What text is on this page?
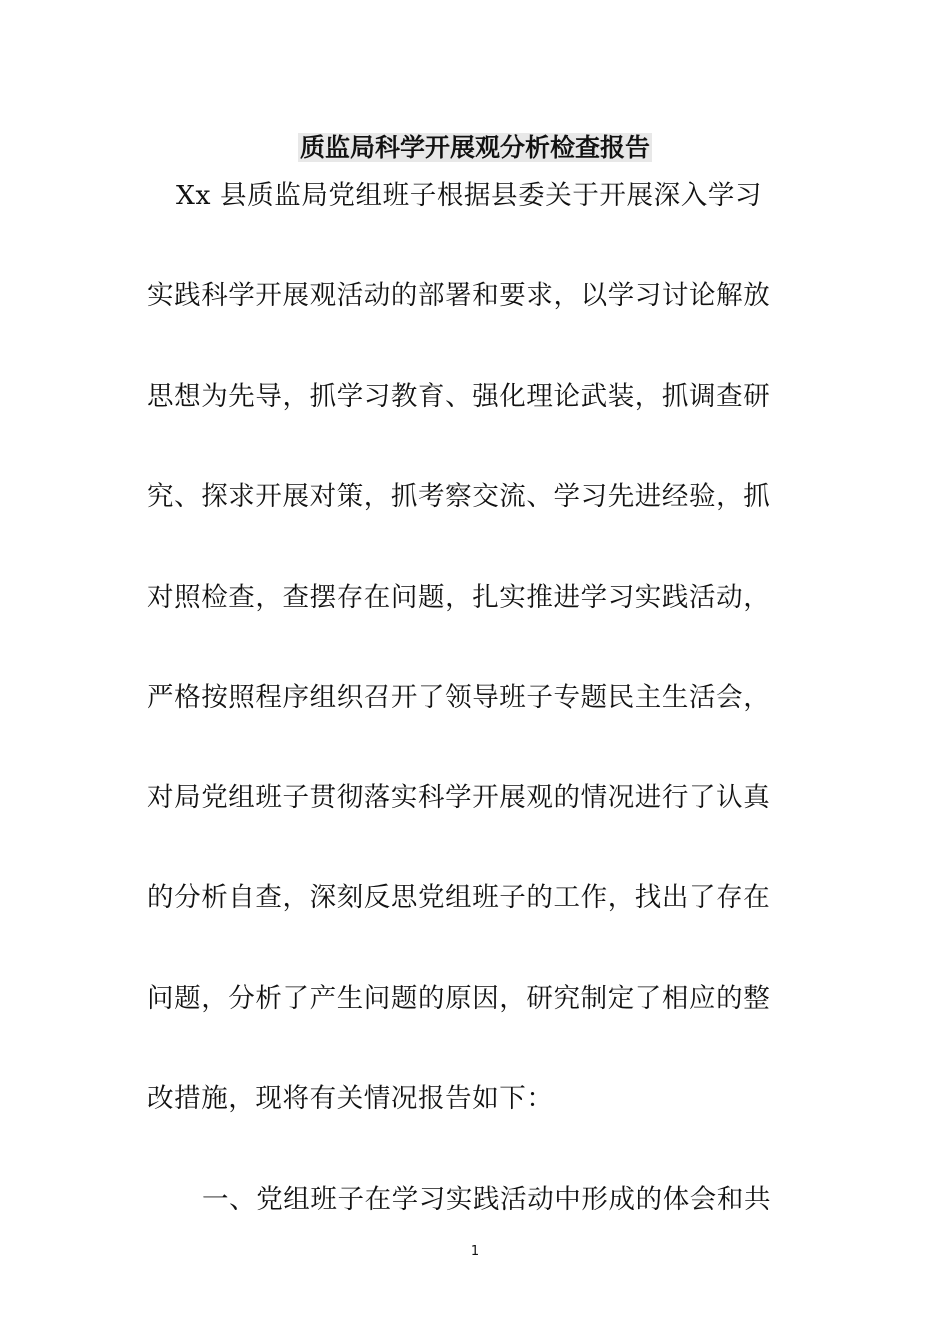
质监局科学开展观分析检查报告
Xx 县质监局党组班子根据县委关于开展深入学习
实践科学开展观活动的部署和要求，以学习讨论解放
思想为先导，抓学习教育、强化理论武装，抓调查研
究、探求开展对策，抓考察交流、学习先进经验，抓
对照检查，查摆存在问题，扎实推进学习实践活动，
严格按照程序组织召开了领导班子专题民主生活会，
对局党组班子贯彻落实科学开展观的情况进行了认真
的分析自查，深刻反思党组班子的工作，找出了存在
问题，分析了产生问题的原因，研究制定了相应的整
改措施，现将有关情况报告如下：
一、党组班子在学习实践活动中形成的体会和共
1
